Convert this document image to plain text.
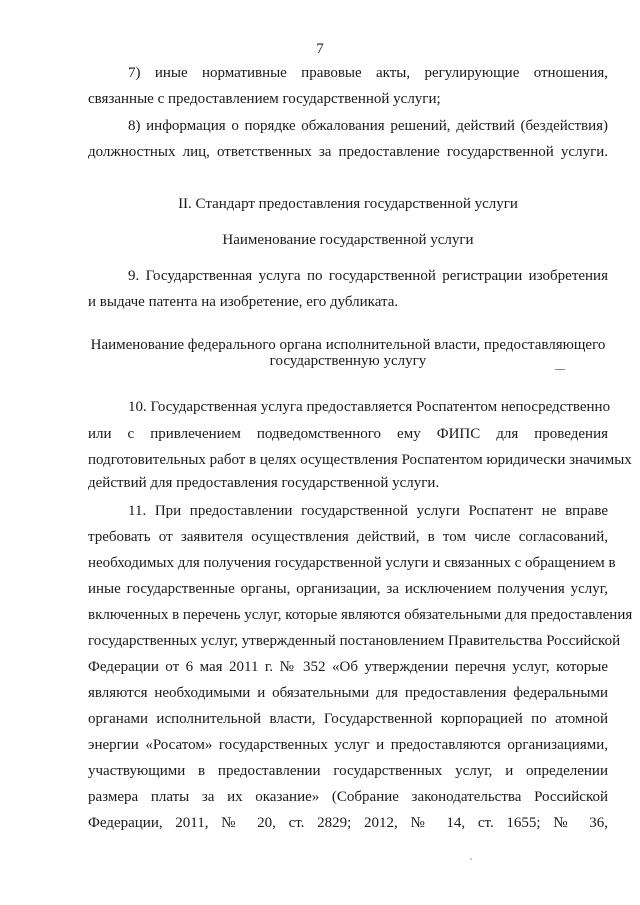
7
7) иные нормативные правовые акты, регулирующие отношения,
связанные с предоставлением государственной услуги;
8) информация о порядке обжалования решений, действий (бездействия)
должностных лиц, ответственных за предоставление государственной услуги.
II. Стандарт предоставления государственной услуги
Наименование государственной услуги
9. Государственная услуга по государственной регистрации изобретения
и выдаче патента на изобретение, его дубликата.
Наименование федерального органа исполнительной власти, предоставляющего
государственную услугу
10. Государственная услуга предоставляется Роспатентом непосредственно
или с привлечением подведомственного ему ФИПС для проведения
подготовительных работ в целях осуществления Роспатентом юридически значимых
действий для предоставления государственной услуги.
11. При предоставлении государственной услуги Роспатент не вправе
требовать от заявителя осуществления действий, в том числе согласований,
необходимых для получения государственной услуги и связанных с обращением в
иные государственные органы, организации, за исключением получения услуг,
включенных в перечень услуг, которые являются обязательными для предоставления
государственных услуг, утвержденный постановлением Правительства Российской
Федерации от 6 мая 2011 г. № 352 «Об утверждении перечня услуг, которые
являются необходимыми и обязательными для предоставления федеральными
органами исполнительной власти, Государственной корпорацией по атомной
энергии «Росатом» государственных услуг и предоставляются организациями,
участвующими в предоставлении государственных услуг, и определении
размера платы за их оказание» (Собрание законодательства Российской
Федерации, 2011, № 20, ст. 2829; 2012, № 14, ст. 1655; № 36,
